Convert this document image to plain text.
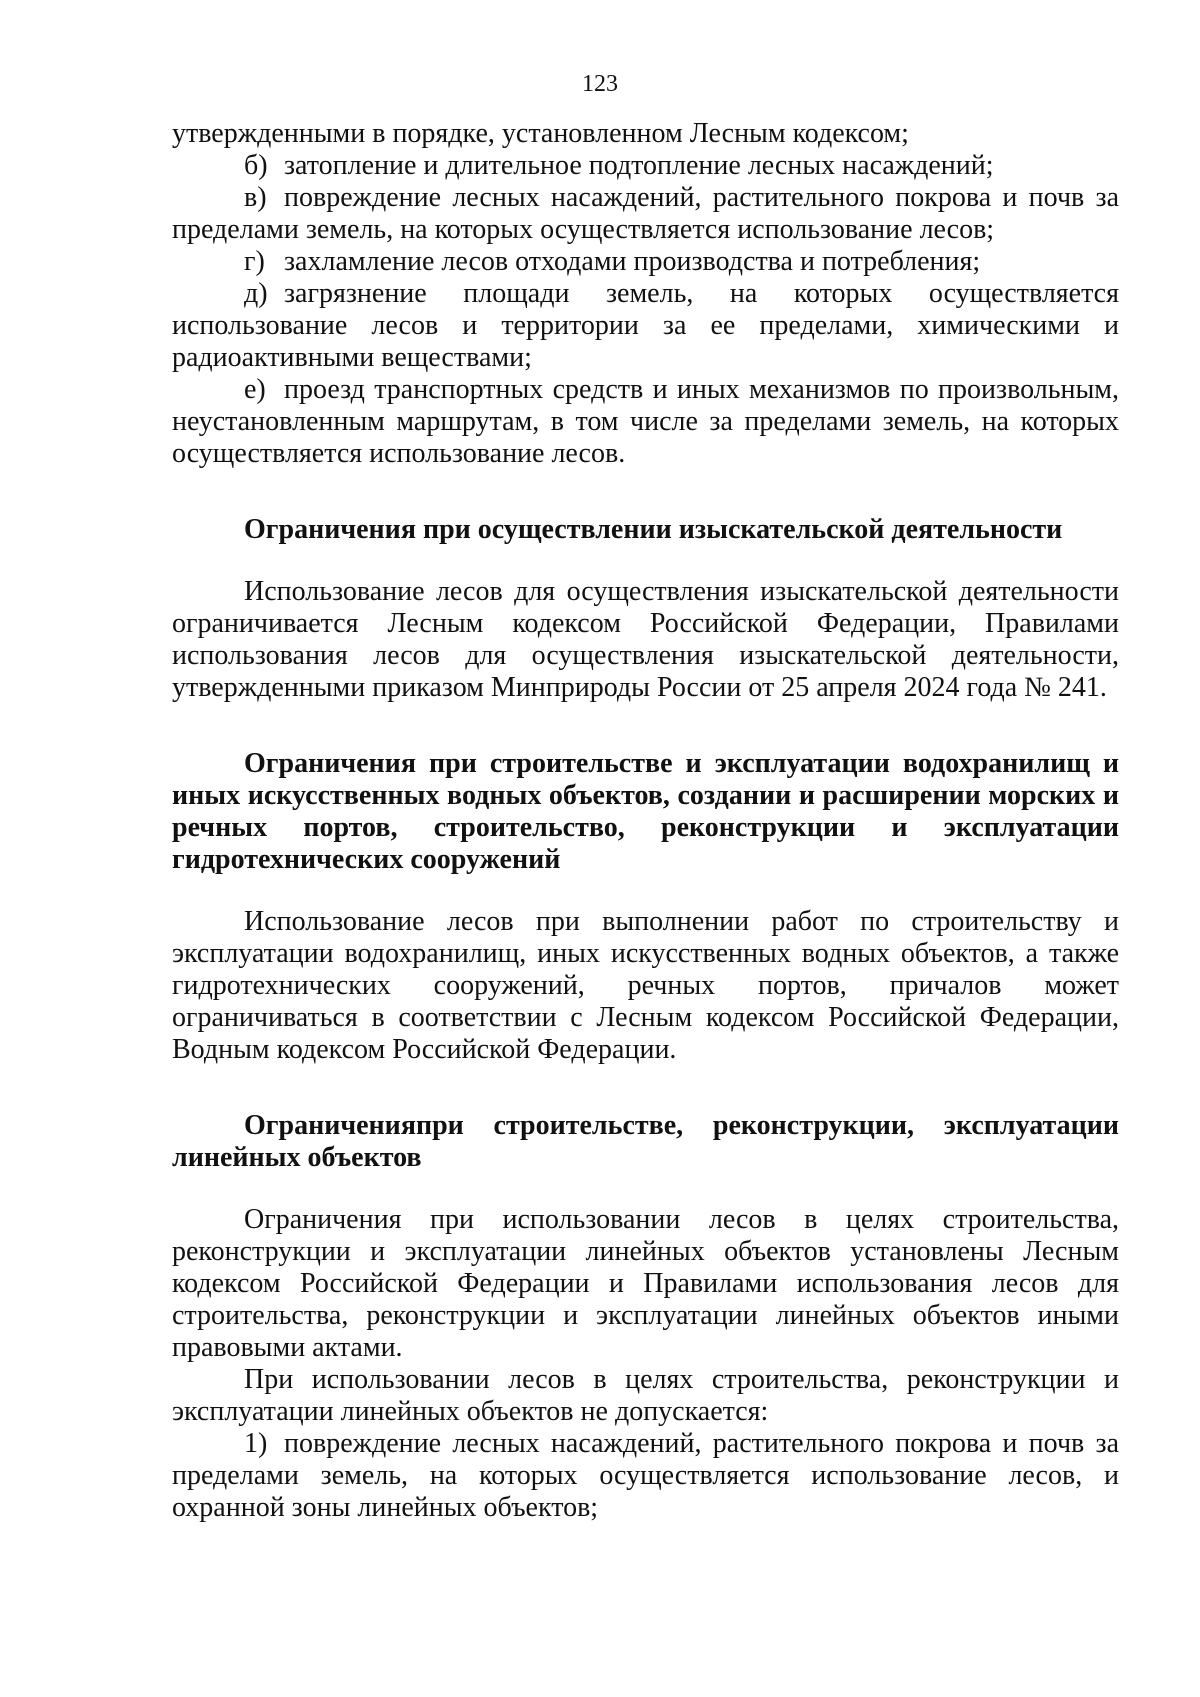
123

утвержденными в порядке, установленном Лесным кодексом;

б) затопление и длительное подтопление лесных насаждений;

в) повреждение лесных насаждений, растительного покрова и почв за пределами земель, на которых осуществляется использование лесов;

г) захламление лесов отходами производства и потребления;

д) загрязнение площади земель, на которых осуществляется использование лесов и территории за ее пределами, химическими и радиоактивными веществами;

е) проезд транспортных средств и иных механизмов по произвольным, неустановленным маршрутам, в том числе за пределами земель, на которых осуществляется использование лесов.

Ограничения при осуществлении изыскательской деятельности

Использование лесов для осуществления изыскательской деятельности ограничивается Лесным кодексом Российской Федерации, Правилами использования лесов для осуществления изыскательской деятельности, утвержденными приказом Минприроды России от 25 апреля 2024 года № 241.

Ограничения при строительстве и эксплуатации водохранилищ и иных искусственных водных объектов, создании и расширении морских и речных портов, строительство, реконструкции и эксплуатации гидротехнических сооружений

Использование лесов при выполнении работ по строительству и эксплуатации водохранилищ, иных искусственных водных объектов, а также гидротехнических сооружений, речных портов, причалов может ограничиваться в соответствии с Лесным кодексом Российской Федерации, Водным кодексом Российской Федерации.

Ограниченияпри строительстве, реконструкции, эксплуатации линейных объектов

Ограничения при использовании лесов в целях строительства, реконструкции и эксплуатации линейных объектов установлены Лесным кодексом Российской Федерации и Правилами использования лесов для строительства, реконструкции и эксплуатации линейных объектов иными правовыми актами.

При использовании лесов в целях строительства, реконструкции и эксплуатации линейных объектов не допускается:

1) повреждение лесных насаждений, растительного покрова и почв за пределами земель, на которых осуществляется использование лесов, и охранной зоны линейных объектов;
